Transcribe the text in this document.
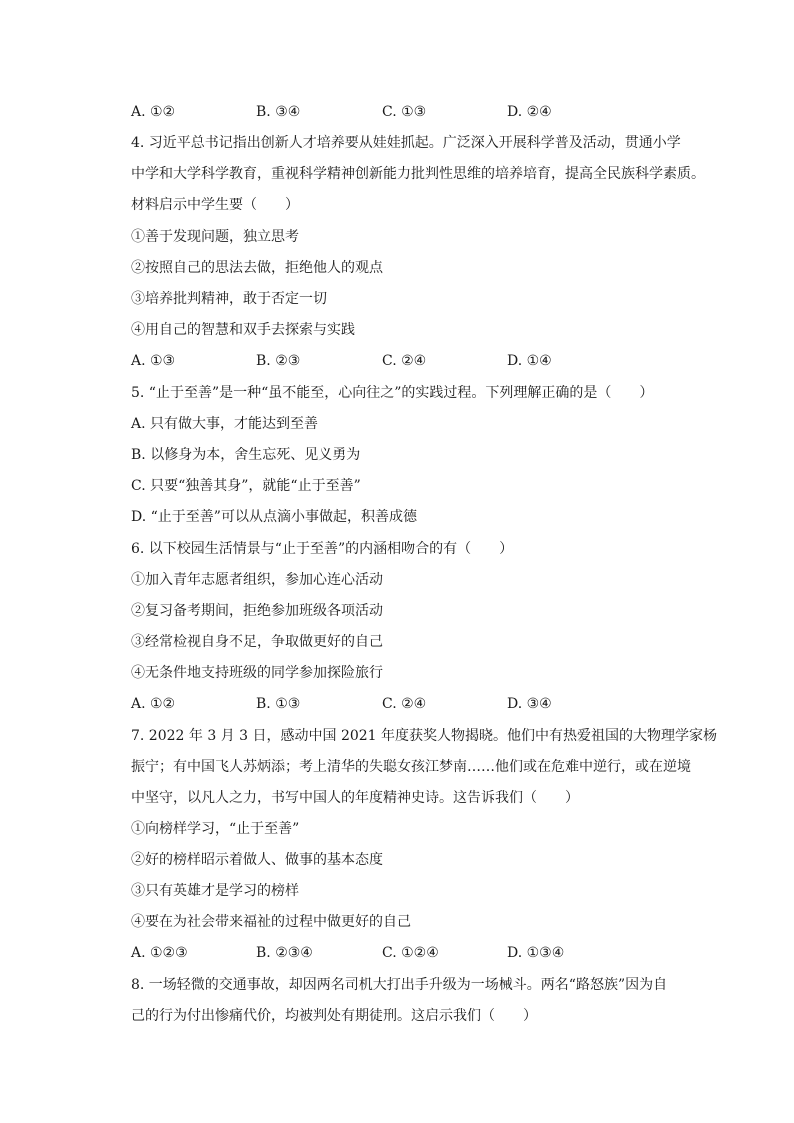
A. ①②	B. ③④	C. ①③	D. ②④
4. 习近平总书记指出创新人才培养要从娃娃抓起。广泛深入开展科学普及活动，贯通小学
中学和大学科学教育，重视科学精神创新能力批判性思维的培养培育，提高全民族科学素质。
材料启示中学生要（　　）
①善于发现问题，独立思考
②按照自己的思法去做，拒绝他人的观点
③培养批判精神，敢于否定一切
④用自己的智慧和双手去探索与实践
A. ①③	B. ②③	C. ②④	D. ①④
5. “止于至善”是一种“虽不能至，心向往之”的实践过程。下列理解正确的是（　　）
A. 只有做大事，才能达到至善
B. 以修身为本，舍生忘死、见义勇为
C. 只要“独善其身”，就能“止于至善”
D. “止于至善”可以从点滴小事做起，积善成德
6. 以下校园生活情景与“止于至善”的内涵相吻合的有（　　）
①加入青年志愿者组织，参加心连心活动
②复习备考期间，拒绝参加班级各项活动
③经常检视自身不足，争取做更好的自己
④无条件地支持班级的同学参加探险旅行
A. ①②	B. ①③	C. ②④	D. ③④
7. 2022 年 3 月 3 日，感动中国 2021 年度获奖人物揭晓。他们中有热爱祖国的大物理学家杨
振宁；有中国飞人苏炳添；考上清华的失聪女孩江梦南……他们或在危难中逆行，或在逆境
中坚守，以凡人之力，书写中国人的年度精神史诗。这告诉我们（　　）
①向榜样学习，“止于至善”
②好的榜样昭示着做人、做事的基本态度
③只有英雄才是学习的榜样
④要在为社会带来福祉的过程中做更好的自己
A. ①②③	B. ②③④	C. ①②④	D. ①③④
8. 一场轻微的交通事故，却因两名司机大打出手升级为一场械斗。两名“路怒族”因为自
己的行为付出惨痛代价，均被判处有期徒刑。这启示我们（　　）
